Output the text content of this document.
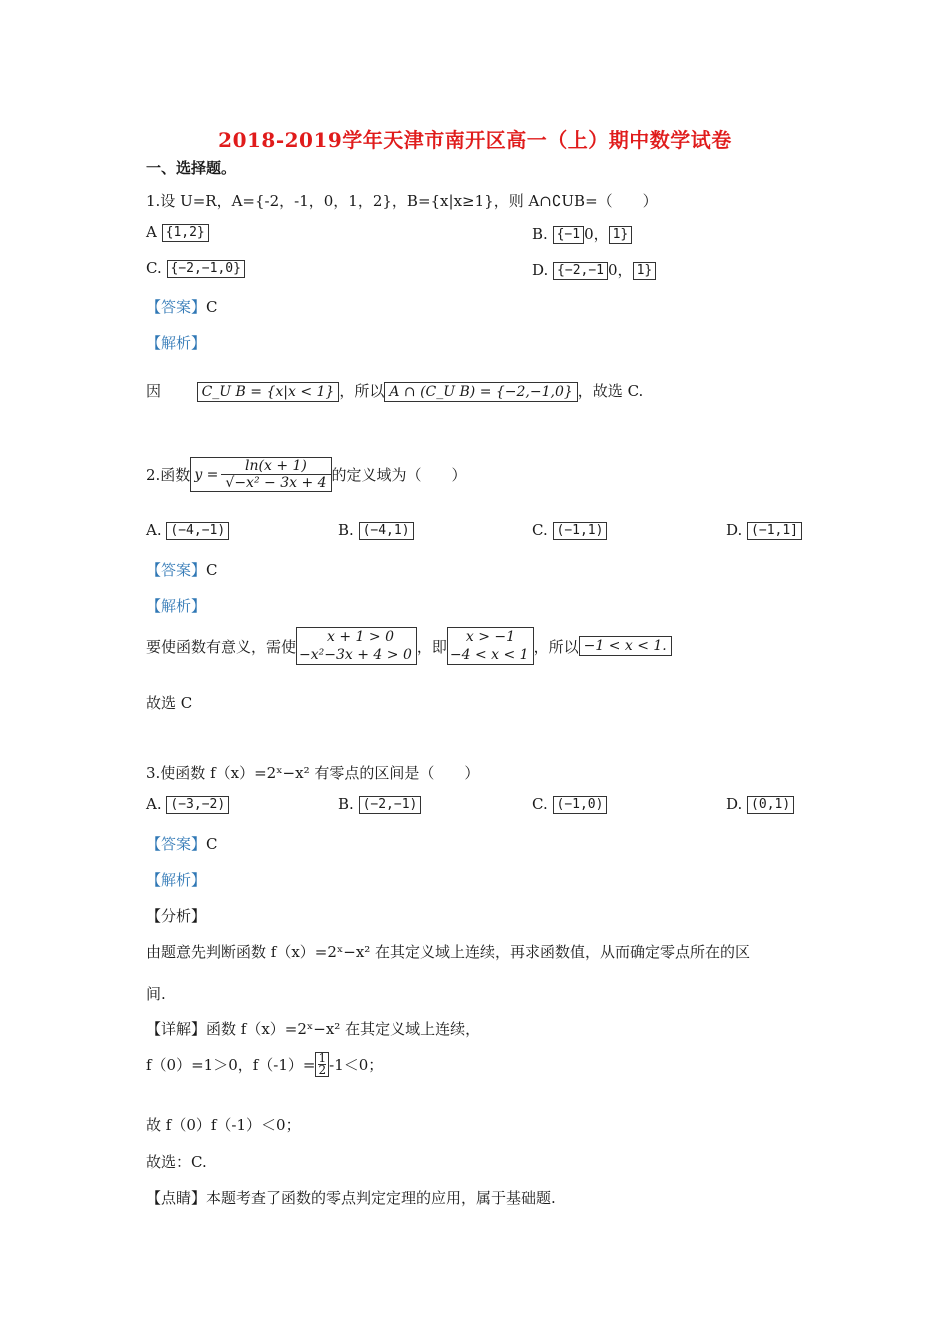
2018-2019学年天津市南开区高一（上）期中数学试卷
一、选择题。
1.设 U=R，A={-2，-1，0，1，2}，B={x|x≥1}，则 A∩∁UB=（　　）
A {1,2}	B. {−1 0， 1}
C. {−2,−1,0}	D. {−2,−1 0， 1}
【答案】C
【解析】
因	C_U B = {x|x < 1} ，所以 A ∩ (C_U B) = {−2,−1,0} ，故选 C.
2.函数 $y = \frac{\ln(x + 1)}{\text{√−x² − 3x + 4}}$ 的定义域为（　　）
A. (−4,−1)	B. (−4,1)	C. (−1,1)	D. (−1,1]
【答案】C
【解析】
要使函数有意义，需使
x + 1 > 0
−x²−3x + 4 > 0 ，即
x > −1
−4 < x < 1 ，所以 −1 < x < 1.
故选 C
3.使函数 f（x）=2ˣ−x² 有零点的区间是（　　）
A. (−3,−2)	B. (−2,−1)	C. (−1,0)	D. (0,1)
【答案】C
【解析】
【分析】
由题意先判断函数 f（x）=2ˣ−x² 在其定义域上连续，再求函数值，从而确定零点所在的区
间.
【详解】函数 f（x）=2ˣ−x² 在其定义域上连续，
f（0）=1＞0，$f(-1)= \frac{1}{2} -1<0$；
故 f（0）f（-1）＜0；
故选：C.
【点睛】本题考查了函数的零点判定定理的应用，属于基础题.
